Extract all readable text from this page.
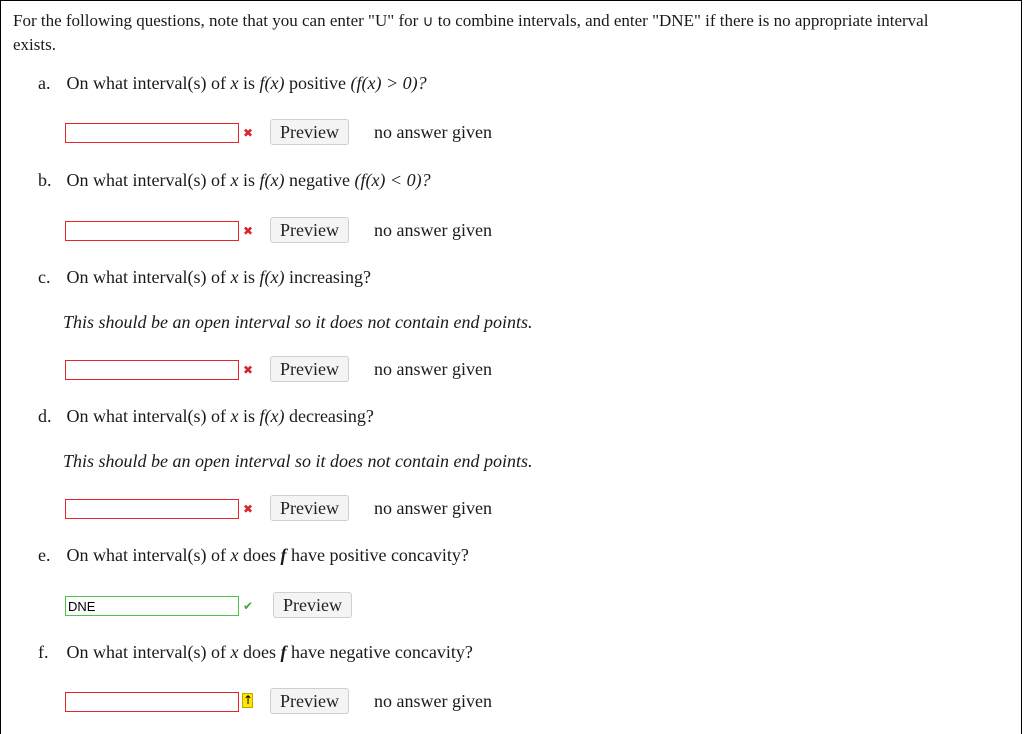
For the following questions, note that you can enter "U" for ∪ to combine intervals, and enter "DNE" if there is no appropriate interval exists.
a. On what interval(s) of x is f(x) positive (f(x) > 0)?
✖	Preview	no answer given
b. On what interval(s) of x is f(x) negative (f(x) < 0)?
✖	Preview	no answer given
c. On what interval(s) of x is f(x) increasing?
This should be an open interval so it does not contain end points.
✖	Preview	no answer given
d. On what interval(s) of x is f(x) decreasing?
This should be an open interval so it does not contain end points.
✖	Preview	no answer given
e. On what interval(s) of x does f have positive concavity?
DNE
✔	Preview
f. On what interval(s) of x does f have negative concavity?
↑	Preview	no answer given
